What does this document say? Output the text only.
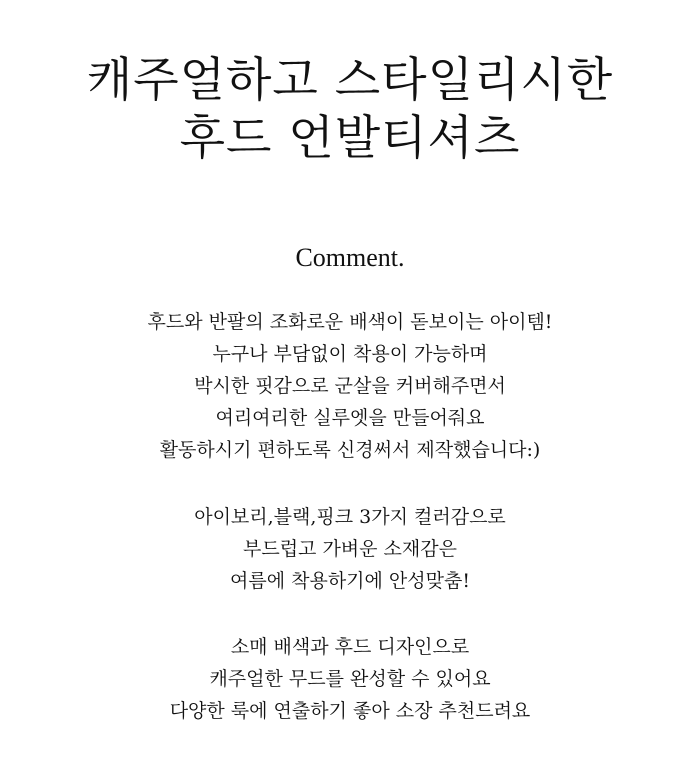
캐주얼하고 스타일리시한
후드 언발티셔츠
Comment.
후드와 반팔의 조화로운 배색이 돋보이는 아이템!
누구나 부담없이 착용이 가능하며
박시한 핏감으로 군살을 커버해주면서
여리여리한 실루엣을 만들어줘요
활동하시기 편하도록 신경써서 제작했습니다:)
아이보리,블랙,핑크 3가지 컬러감으로
부드럽고 가벼운 소재감은
여름에 착용하기에 안성맞춤!
소매 배색과 후드 디자인으로
캐주얼한 무드를 완성할 수 있어요
다양한 룩에 연출하기 좋아 소장 추천드려요
